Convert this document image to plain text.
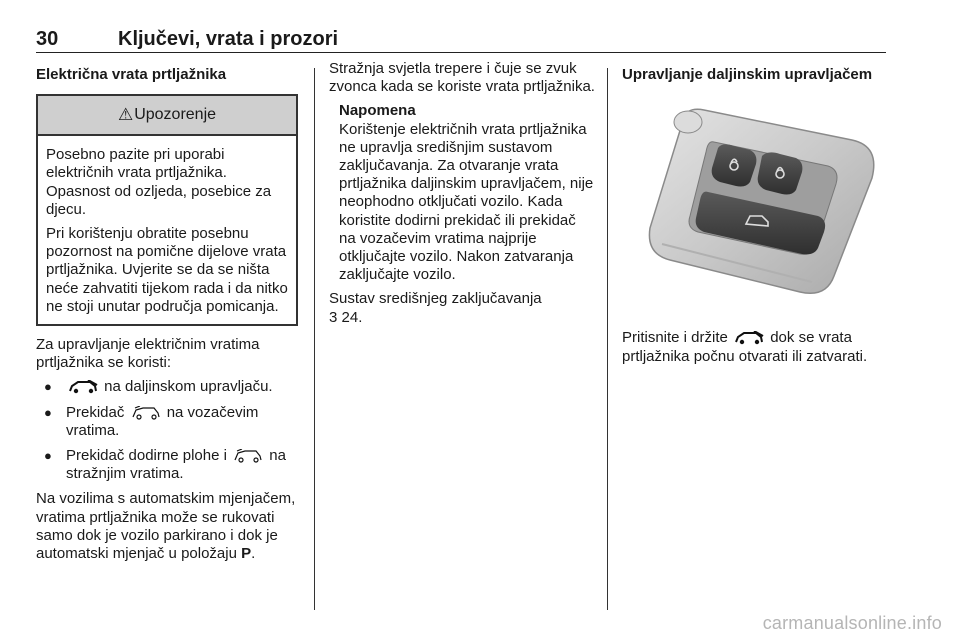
30	Ključevi, vrata i prozori
Električna vrata prtljažnika
⚠ Upozorenje

Posebno pazite pri uporabi električnih vrata prtljažnika. Opasnost od ozljeda, posebice za djecu.

Pri korištenju obratite posebnu pozornost na pomične dijelove vrata prtljažnika. Uvjerite se da se ništa neće zahvatiti tijekom rada i da nitko ne stoji unutar područja pomicanja.

Za upravljanje električnim vratima prtljažnika se koristi:

●	na daljinskom upravljaču.
● Prekidač  na vozačevim vratima.
● Prekidač dodirne plohe i  na stražnjim vratima.

Na vozilima s automatskim mjenjačem, vratima prtljažnika može se rukovati samo dok je vozilo parkirano i dok je automatski mjenjač u položaju P.

Stražnja svjetla trepere i čuje se zvuk zvonca kada se koriste vrata prtljažnika.

Napomena
Korištenje električnih vrata prtljažnika ne upravlja središnjim sustavom zaključavanja. Za otvaranje vrata prtljažnika daljinskim upravljačem, nije neophodno otključati vozilo. Kada koristite dodirni prekidač ili prekidač na vozačevim vratima najprije otključajte vozilo. Nakon zatvaranja zaključajte vozilo.

Sustav središnjeg zaključavanja
3 24.

Upravljanje daljinskim upravljačem

Pritisnite i držite  dok se vrata prtljažnika počnu otvarati ili zatvarati.

carmanualsonline.info
